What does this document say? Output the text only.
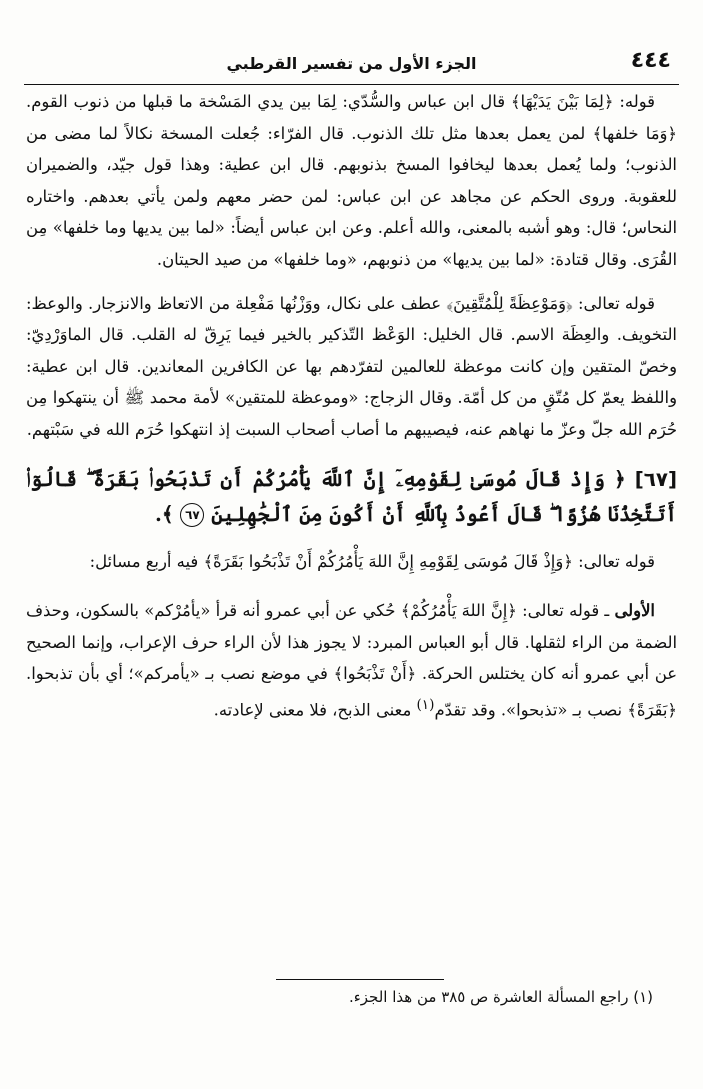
٤٤٤
الجزء الأول من تفسير القرطبي

قوله: ﴿لِمَا بَيْنَ يَدَيْهَا﴾ قال ابن عباس والسُّدّي: لِمَا بين يدي المَسْخة ما قبلها من ذنوب القوم. ﴿وَمَا خلفها﴾ لمن يعمل بعدها مثل تلك الذنوب. قال الفرّاء: جُعلت المسخة نكالاً لما مضى من الذنوب؛ ولما يُعمل بعدها ليخافوا المسخ بذنوبهم. قال ابن عطية: وهذا قول جيّد، والضميران للعقوبة. وروى الحكم عن مجاهد عن ابن عباس: لمن حضر معهم ولمن يأتي بعدهم. واختاره النحاس؛ قال: وهو أشبه بالمعنى، والله أعلم. وعن ابن عباس أيضاً: «لما بين يديها وما خلفها» مِن القُرَى. وقال قتادة: «لما بين يديها» من ذنوبهم، «وما خلفها» من صيد الحيتان.

قوله تعالى: ﴿وَمَوْعِظَةً لِلْمُتَّقِينَ﴾ عطف على نكال، ووَزْنُها مَفْعِلة من الاتعاظ والانزجار. والوعظ: التخويف. والعِظَة الاسم. قال الخليل: الوَعْظ التّذكير بالخير فيما يَرِقّ له القلب. قال الماوَرْدِيّ: وخصّ المتقين وإن كانت موعظة للعالمين لتفرّدهم بها عن الكافرين المعاندين. قال ابن عطية: واللفظ يعمّ كل مُتّقٍ من كل أمّة. وقال الزجاج: «وموعظة للمتقين» لأمة محمد ﷺ أن ينتهكوا مِن حُرَم الله جلّ وعزّ ما نهاهم عنه، فيصيبهم ما أصاب أصحاب السبت إذ انتهكوا حُرَم الله في سَبْتهم.

[٦٧] ﴿ وَإِذْ قَالَ مُوسَىٰ لِقَوْمِهِۦٓ إِنَّ ٱللَّهَ يَأْمُرُكُمْ أَن تَذْبَحُوا۟ بَقَرَةً ۖ قَالُوٓا۟ أَتَتَّخِذُنَا هُزُوًا ۖ قَالَ أَعُوذُ بِٱللَّهِ أَنْ أَكُونَ مِنَ ٱلْجَٰهِلِينَ ٦٧ ﴾.

قوله تعالى: ﴿وَإِذْ قَالَ مُوسَى لِقَوْمِهِ إِنَّ اللهَ يَأْمُرُكُمْ أَنْ تَذْبَحُوا بَقَرَةً﴾ فيه أربع مسائل:

الأولى ـ قوله تعالى: ﴿إِنَّ اللهَ يَأْمُرُكُمْ﴾ حُكي عن أبي عمرو أنه قرأ «يأمُرْكم» بالسكون، وحذف الضمة من الراء لثقلها. قال أبو العباس المبرد: لا يجوز هذا لأن الراء حرف الإعراب، وإنما الصحيح عن أبي عمرو أنه كان يختلس الحركة. ﴿أَنْ تَذْبَحُوا﴾ في موضع نصب بـ «يأمركم»؛ أي بأن تذبحوا. ﴿بَقَرَةً﴾ نصب بـ «تذبحوا». وقد تقدّم$^{(١)}$ معنى الذبح، فلا معنى لإعادته.

(١) راجع المسألة العاشرة ص ٣٨٥ من هذا الجزء.
